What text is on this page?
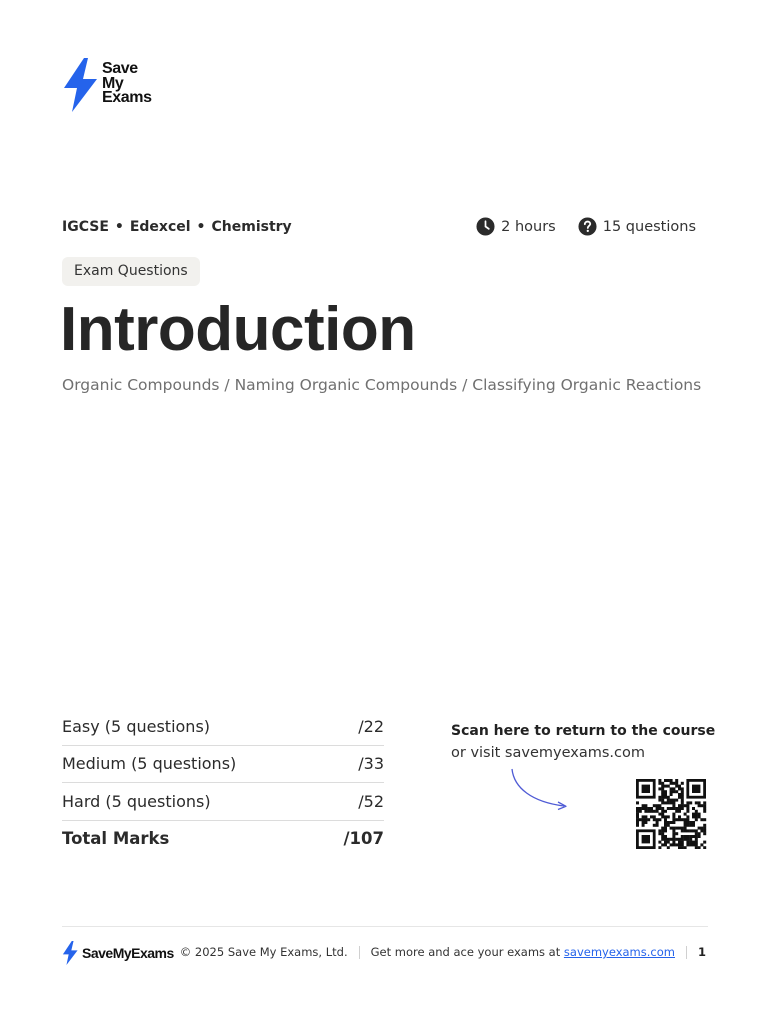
Save
My
Exams
IGCSE • Edexcel • Chemistry	2 hours	15 questions
Exam Questions
Introduction
Organic Compounds / Naming Organic Compounds / Classifying Organic Reactions
Easy (5 questions)	/22
Medium (5 questions)	/33
Hard (5 questions)	/52
Total Marks	/107
Scan here to return to the course
or visit savemyexams.com
SaveMyExams © 2025 Save My Exams, Ltd. Get more and ace your exams at
savemyexams.com 1
